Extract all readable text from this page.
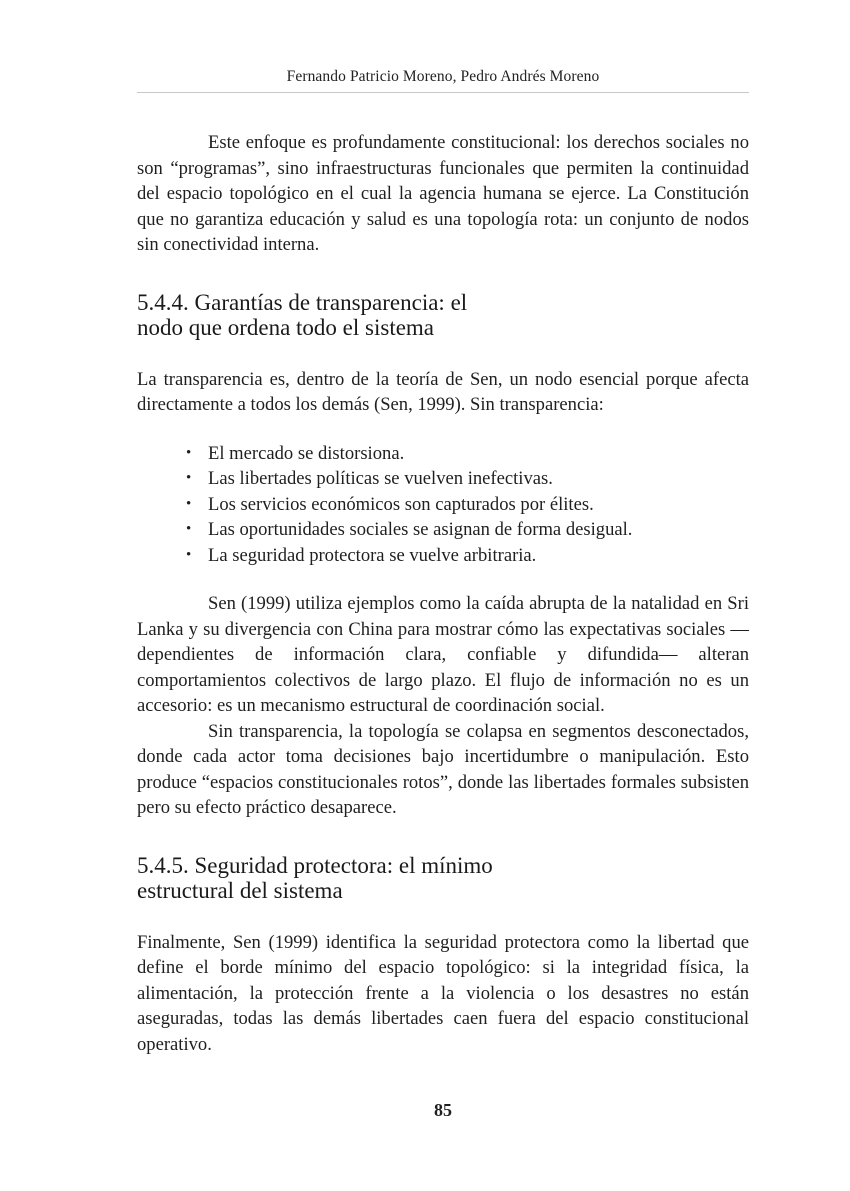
Fernando Patricio Moreno, Pedro Andrés Moreno

Este enfoque es profundamente constitucional: los derechos sociales no son “programas”, sino infraestructuras funcionales que permiten la continuidad del espacio topológico en el cual la agencia humana se ejerce. La Constitución que no garantiza educación y salud es una topología rota: un conjunto de nodos sin conectividad interna.

5.4.4. Garantías de transparencia: el
nodo que ordena todo el sistema

La transparencia es, dentro de la teoría de Sen, un nodo esencial porque afecta directamente a todos los demás (Sen, 1999). Sin transparencia:

• El mercado se distorsiona.
• Las libertades políticas se vuelven inefectivas.
• Los servicios económicos son capturados por élites.
• Las oportunidades sociales se asignan de forma desigual.
• La seguridad protectora se vuelve arbitraria.

Sen (1999) utiliza ejemplos como la caída abrupta de la natalidad en Sri Lanka y su divergencia con China para mostrar cómo las expectativas sociales —dependientes de información clara, confiable y difundida— alteran comportamientos colectivos de largo plazo. El flujo de información no es un accesorio: es un mecanismo estructural de coordinación social.

Sin transparencia, la topología se colapsa en segmentos desconectados, donde cada actor toma decisiones bajo incertidumbre o manipulación. Esto produce “espacios constitucionales rotos”, donde las libertades formales subsisten pero su efecto práctico desaparece.

5.4.5. Seguridad protectora: el mínimo
estructural del sistema

Finalmente, Sen (1999) identifica la seguridad protectora como la libertad que define el borde mínimo del espacio topológico: si la integridad física, la alimentación, la protección frente a la violencia o los desastres no están aseguradas, todas las demás libertades caen fuera del espacio constitucional operativo.

85
